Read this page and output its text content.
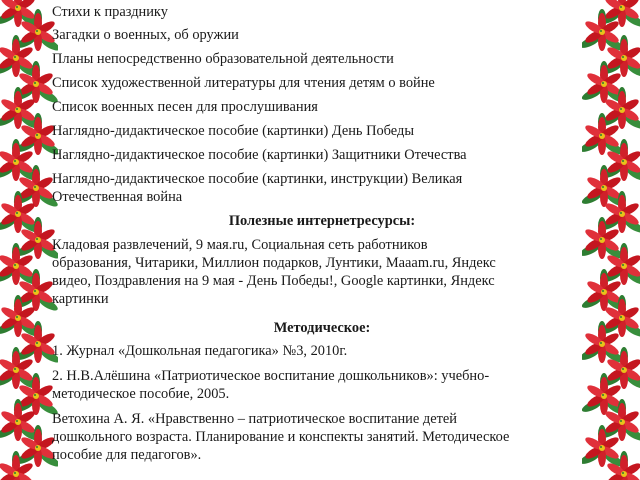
Стихи к празднику
Загадки о военных, об оружии
Планы непосредственно образовательной деятельности
Список художественной литературы для чтения детям о войне
Список военных песен для прослушивания
Наглядно-дидактическое пособие (картинки) День Победы
Наглядно-дидактическое пособие (картинки) Защитники Отечества
Наглядно-дидактическое пособие (картинки, инструкции) Великая
Отечественная война
Полезные интернетресурсы:
Кладовая развлечений, 9 мая.ru, Социальная сеть работников
образования, Читарики, Миллион подарков, Лунтики, Маaam.ru, Яндекс
видео, Поздравления на 9 мая - День Победы!, Google картинки, Яндекс
картинки
Методическое:
1. Журнал «Дошкольная педагогика» №3, 2010г.
2. Н.В.Алёшина «Патриотическое воспитание дошкольников»: учебно-
методическое пособие, 2005.
Ветохина А. Я. «Нравственно – патриотическое воспитание детей
дошкольного возраста. Планирование и конспекты занятий. Методическое
пособие для педагогов».
